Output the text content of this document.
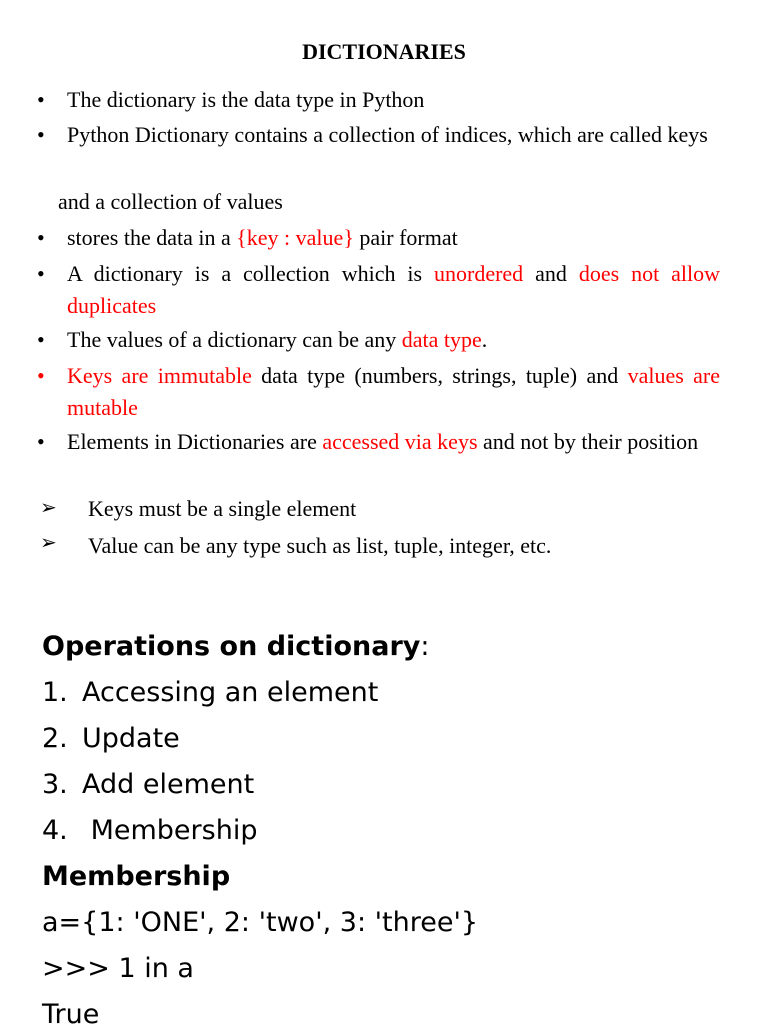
DICTIONARIES
• The dictionary is the data type in Python
• Python Dictionary contains a collection of indices, which are called keys
and a collection of values
• stores the data in a {key : value} pair format
• A dictionary is a collection which is unordered and does not allow duplicates
• The values of a dictionary can be any data type.
• Keys are immutable data type (numbers, strings, tuple) and values are mutable
• Elements in Dictionaries are accessed via keys and not by their position
➢ Keys must be a single element
➢ Value can be any type such as list, tuple, integer, etc.
Operations on dictionary:
1. Accessing an element
2. Update
3. Add element
4. Membership
Membership
a={1: 'ONE', 2: 'two', 3: 'three'}
>>> 1 in a
True
